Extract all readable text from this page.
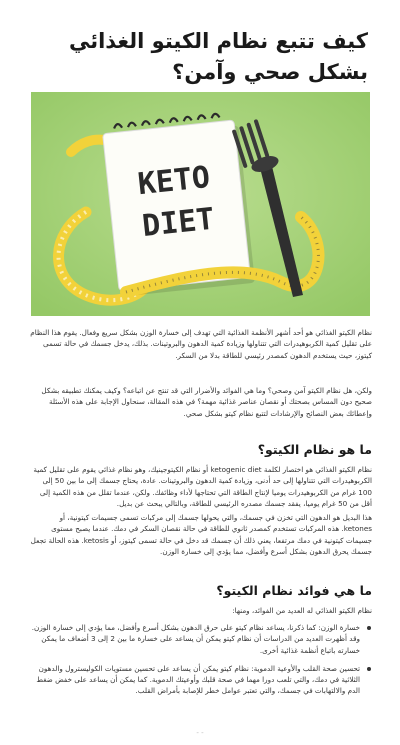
كيف تتبع نظام الكيتو الغذائي بشكل صحي وآمن؟
KETO
DIET

نظام الكيتو الغذائي هو أحد أشهر الأنظمة الغذائية التي تهدف إلى خسارة الوزن بشكل سريع وفعال. يقوم هذا النظام على تقليل كمية الكربوهيدرات التي تتناولها وزيادة كمية الدهون والبروتينات. بذلك، يدخل جسمك في حالة تسمى كيتوز، حيث يستخدم الدهون كمصدر رئيسي للطاقة بدلا من السكر.

ولكن، هل نظام الكيتو آمن وصحي؟ وما هي الفوائد والأضرار التي قد تنتج عن اتباعه؟ وكيف يمكنك تطبيقه بشكل صحيح دون المساس بصحتك أو نقصان عناصر غذائية مهمة؟ في هذه المقالة، سنحاول الإجابة على هذه الأسئلة وإعطائك بعض النصائح والإرشادات لتتبع نظام كيتو بشكل صحي.

ما هو نظام الكيتو؟

نظام الكيتو الغذائي هو اختصار لكلمة ketogenic diet أو نظام الكيتوجينيك، وهو نظام غذائي يقوم على تقليل كمية الكربوهيدرات التي تتناولها إلى حد أدنى، وزيادة كمية الدهون والبروتينات. عادة، يحتاج جسمك إلى ما بين 50 إلى 100 غرام من الكربوهيدرات يوميا لإنتاج الطاقة التي تحتاجها لأداء وظائفك. ولكن، عندما تقلل من هذه الكمية إلى أقل من 50 غرام يوميا، يفقد جسمك مصدره الرئيسي للطاقة، وبالتالي يبحث عن بديل.

هذا البديل هو الدهون التي تخزن في جسمك، والتي يحولها جسمك إلى مركبات تسمى جسيمات كيتونية، أو ketones. هذه المركبات تستخدم كمصدر ثانوي للطاقة في حالة نقصان السكر في دمك. عندما يصبح مستوى جسيمات كيتونية في دمك مرتفعا، يعني ذلك أن جسمك قد دخل في حالة تسمى كيتوز، أو ketosis. هذه الحالة تجعل جسمك يحرق الدهون بشكل أسرع وأفضل، مما يؤدي إلى خسارة الوزن.

ما هي فوائد نظام الكيتو؟

نظام الكيتو الغذائي له العديد من الفوائد، ومنها:

خسارة الوزن: كما ذكرنا، يساعد نظام كيتو على حرق الدهون بشكل أسرع وأفضل، مما يؤدي إلى خسارة الوزن. وقد أظهرت العديد من الدراسات أن نظام كيتو يمكن أن يساعد على خسارة ما بين 2 إلى 3 أضعاف ما يمكن خسارته باتباع أنظمة غذائية أخرى.
تحسين صحة القلب والأوعية الدموية: نظام كيتو يمكن أن يساعد على تحسين مستويات الكوليسترول والدهون الثلاثية في دمك، والتي تلعب دورا مهما في صحة قلبك وأوعيتك الدموية. كما يمكن أن يساعد على خفض ضغط الدم والالتهابات في جسمك، والتي تعتبر عوامل خطر للإصابة بأمراض القلب.
- -
